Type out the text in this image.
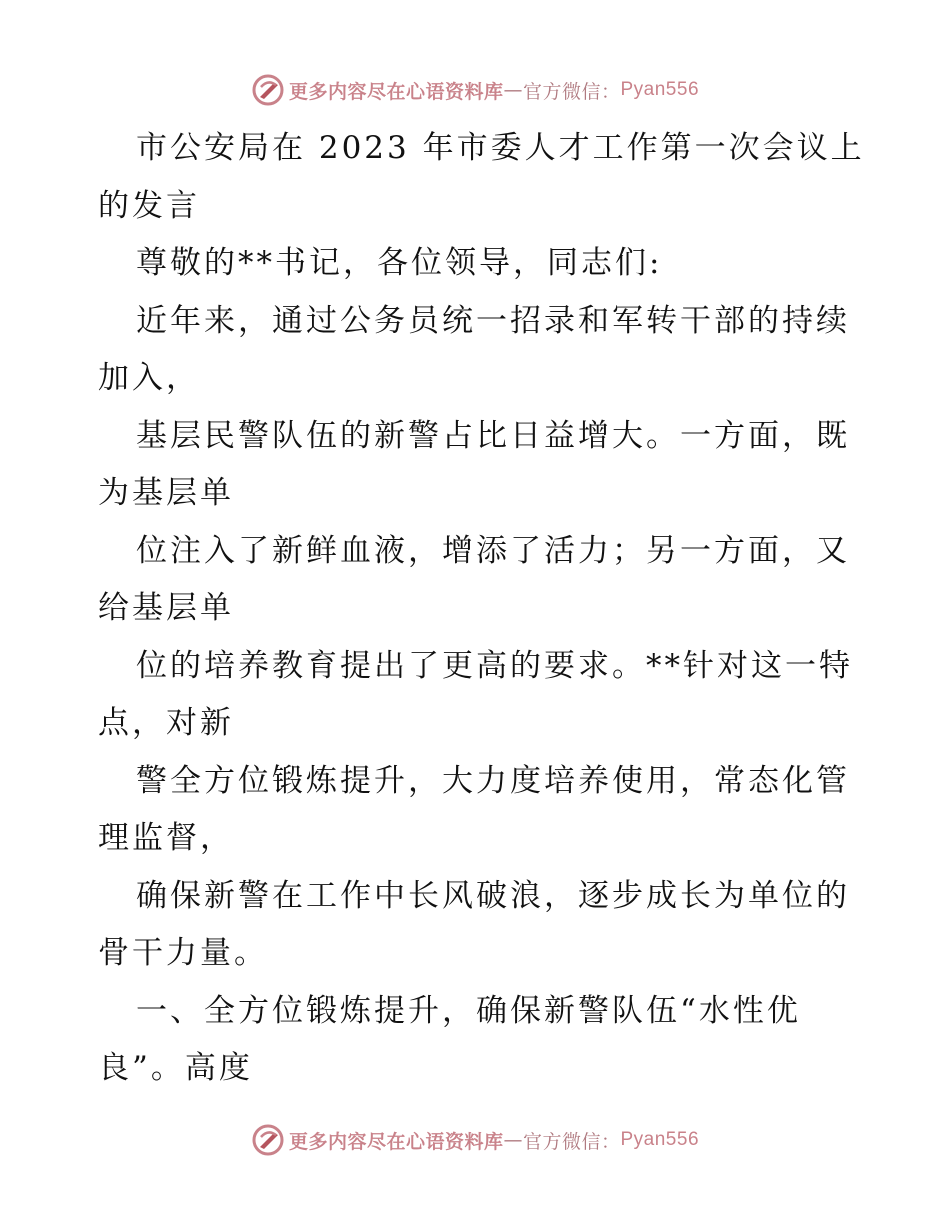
更多内容尽在心语资料库 — 官方微信： Pyan556
市公安局在 2023 年市委人才工作第一次会议上
的发言
尊敬的**书记，各位领导，同志们:
近年来，通过公务员统一招录和军转干部的持续
加入，
基层民警队伍的新警占比日益增大。一方面，既
为基层单
位注入了新鲜血液，增添了活力；另一方面，又
给基层单
位的培养教育提出了更高的要求。**针对这一特
点，对新
警全方位锻炼提升，大力度培养使用，常态化管
理监督，
确保新警在工作中长风破浪，逐步成长为单位的
骨干力量。
一、全方位锻炼提升，确保新警队伍“水性优
良”。高度
更多内容尽在心语资料库 — 官方微信： Pyan556
